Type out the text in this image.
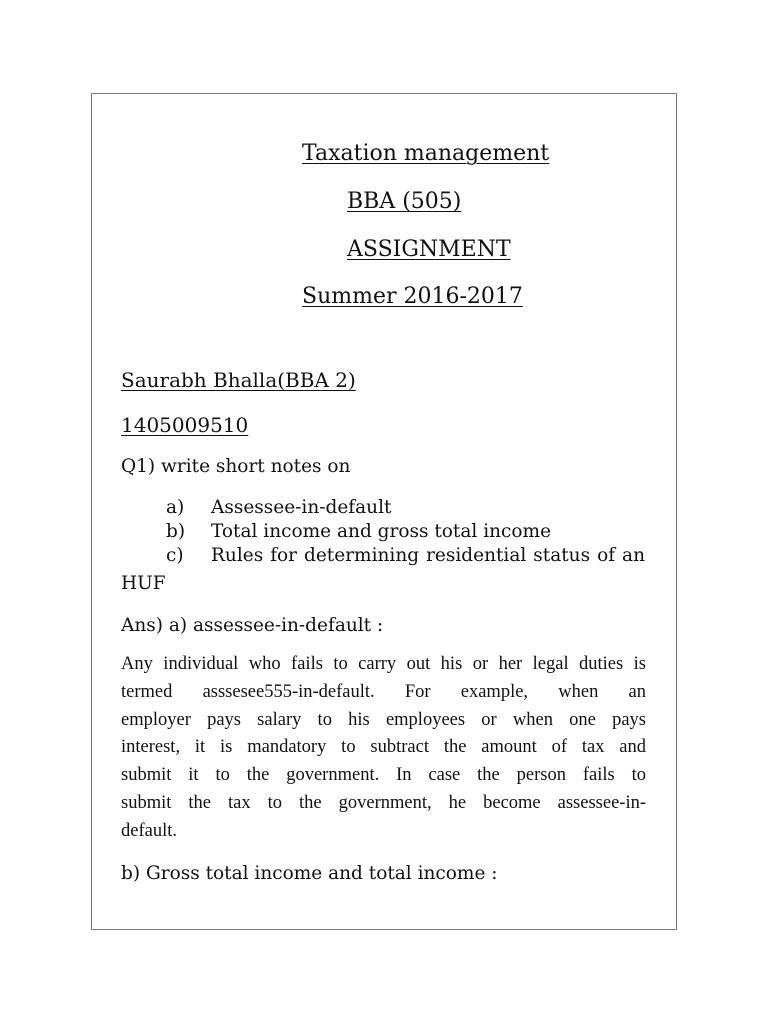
Taxation management
BBA (505)
ASSIGNMENT
Summer 2016-2017
Saurabh Bhalla(BBA 2)
1405009510
Q1) write short notes on
a) Assessee-in-default
b) Total income and gross total income
c) Rules for determining residential status of an
HUF
Ans) a) assessee-in-default :
Any individual who fails to carry out his or her legal duties is
termed asssesee555-in-default. For example, when an
employer pays salary to his employees or when one pays
interest, it is mandatory to subtract the amount of tax and
submit it to the government. In case the person fails to
submit the tax to the government, he become assessee-in-
default.
b) Gross total income and total income :
